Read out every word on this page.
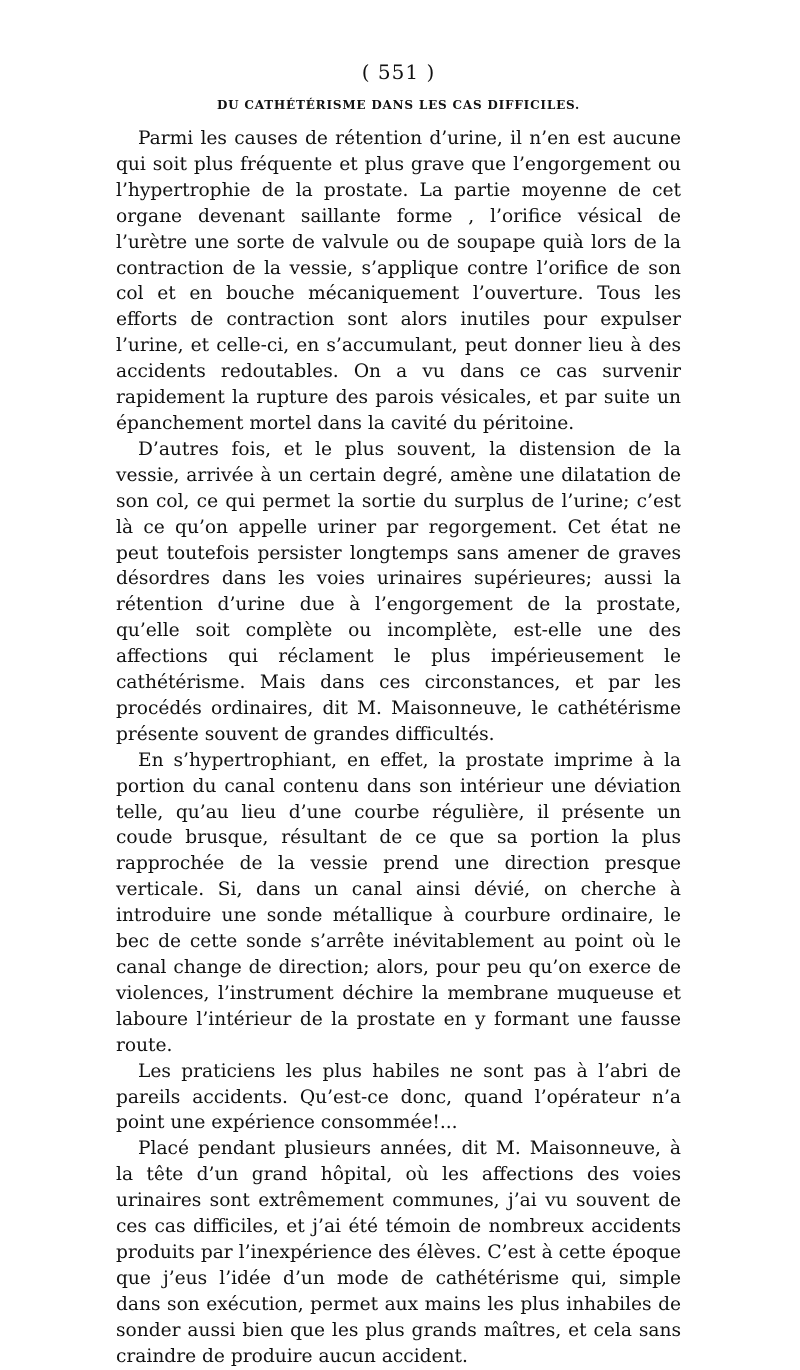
( 551 )
DU CATHÉTÉRISME DANS LES CAS DIFFICILES.

Parmi les causes de rétention d’urine, il n’en est aucune qui soit plus fréquente et plus grave que l’engorgement ou l’hypertrophie de la prostate. La partie moyenne de cet organe devenant saillante forme , l’orifice vésical de l’urètre une sorte de valvule ou de soupape quià lors de la contraction de la vessie, s’applique contre l’orifice de son col et en bouche mécaniquement l’ouverture. Tous les efforts de contraction sont alors inutiles pour expulser l’urine, et celle-ci, en s’accumulant, peut donner lieu à des accidents redoutables. On a vu dans ce cas survenir rapidement la rupture des parois vésicales, et par suite un épanchement mortel dans la cavité du péritoine.

D’autres fois, et le plus souvent, la distension de la vessie, arrivée à un certain degré, amène une dilatation de son col, ce qui permet la sortie du surplus de l’urine; c’est là ce qu’on appelle uriner par regorgement. Cet état ne peut toutefois persister longtemps sans amener de graves désordres dans les voies urinaires supérieures; aussi la rétention d’urine due à l’engorgement de la prostate, qu’elle soit complète ou incomplète, est-elle une des affections qui réclament le plus impérieusement le cathétérisme. Mais dans ces circonstances, et par les procédés ordinaires, dit M. Maisonneuve, le cathétérisme présente souvent de grandes difficultés.

En s’hypertrophiant, en effet, la prostate imprime à la portion du canal contenu dans son intérieur une déviation telle, qu’au lieu d’une courbe régulière, il présente un coude brusque, résultant de ce que sa portion la plus rapprochée de la vessie prend une direction presque verticale. Si, dans un canal ainsi dévié, on cherche à introduire une sonde métallique à courbure ordinaire, le bec de cette sonde s’arrête inévitablement au point où le canal change de direction; alors, pour peu qu’on exerce de violences, l’instrument déchire la membrane muqueuse et laboure l’intérieur de la prostate en y formant une fausse route.

Les praticiens les plus habiles ne sont pas à l’abri de pareils accidents. Qu’est-ce donc, quand l’opérateur n’a point une expérience consommée!...

Placé pendant plusieurs années, dit M. Maisonneuve, à la tête d’un grand hôpital, où les affections des voies urinaires sont extrêmement communes, j’ai vu souvent de ces cas difficiles, et j’ai été témoin de nombreux accidents produits par l’inexpérience des élèves. C’est à cette époque que j’eus l’idée d’un mode de cathétérisme qui, simple dans son exécution, permet aux mains les plus inhabiles de sonder aussi bien que les plus grands maîtres, et cela sans craindre de produire aucun accident.
